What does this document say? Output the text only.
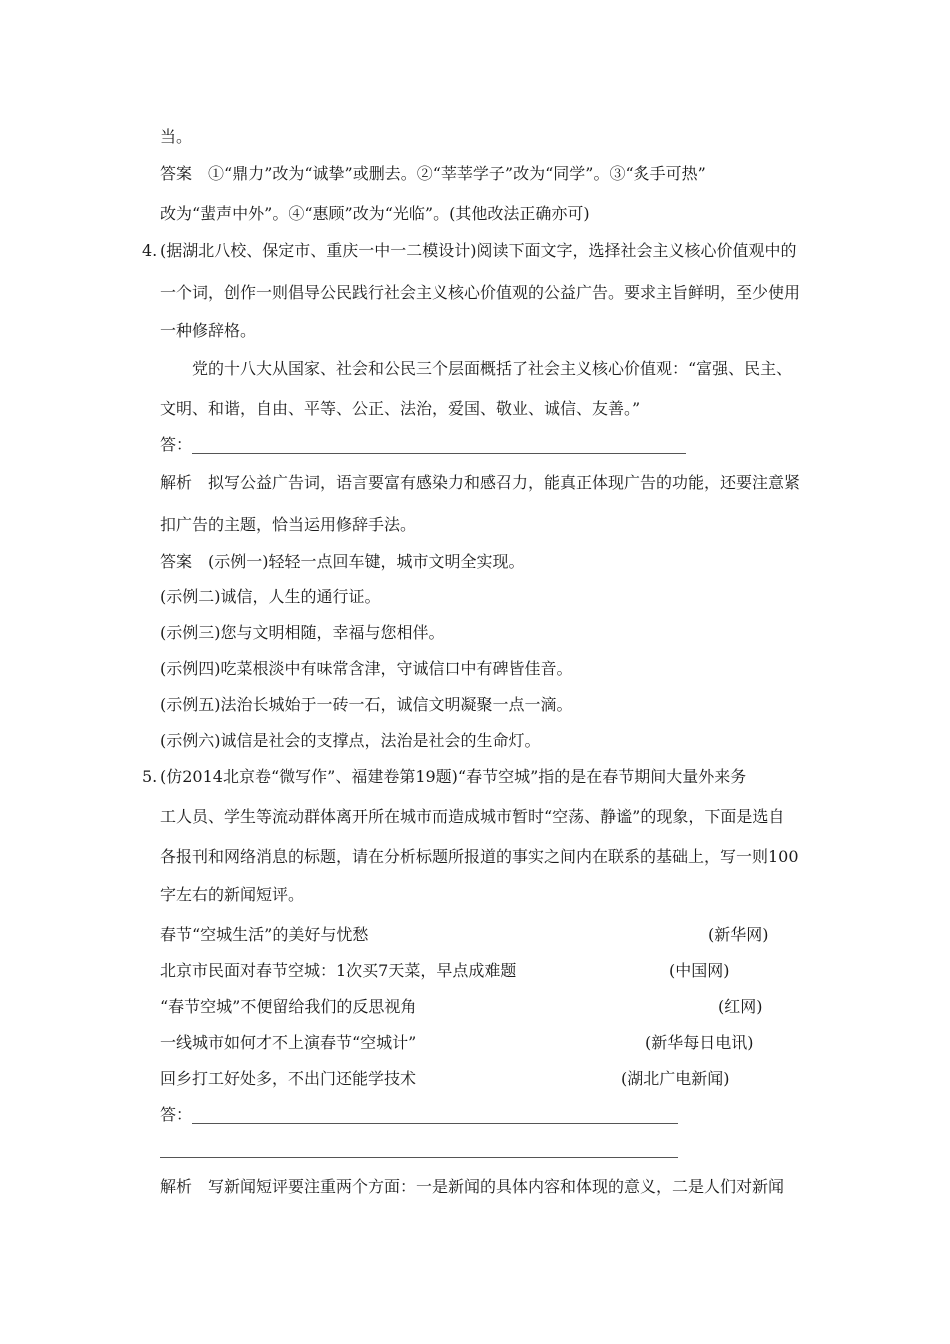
当。
答案 ①“鼎力”改为“诚挚”或删去。②“莘莘学子”改为“同学”。③“炙手可热”
改为“蜚声中外”。④“惠顾”改为“光临”。(其他改法正确亦可)
4. (据湖北八校、保定市、重庆一中一二模设计)阅读下面文字，选择社会主义核心价值观中的
一个词，创作一则倡导公民践行社会主义核心价值观的公益广告。要求主旨鲜明，至少使用
一种修辞格。
党的十八大从国家、社会和公民三个层面概括了社会主义核心价值观：“富强、民主、
文明、和谐，自由、平等、公正、法治，爱国、敬业、诚信、友善。”
答：
解析 拟写公益广告词，语言要富有感染力和感召力，能真正体现广告的功能，还要注意紧
扣广告的主题，恰当运用修辞手法。
答案 (示例一)轻轻一点回车键，城市文明全实现。
(示例二)诚信，人生的通行证。
(示例三)您与文明相随，幸福与您相伴。
(示例四)吃菜根淡中有味常含津，守诚信口中有碑皆佳音。
(示例五)法治长城始于一砖一石，诚信文明凝聚一点一滴。
(示例六)诚信是社会的支撑点，法治是社会的生命灯。
5. (仿2014北京卷“微写作”、福建卷第19题)“春节空城”指的是在春节期间大量外来务
工人员、学生等流动群体离开所在城市而造成城市暂时“空荡、静谧”的现象，下面是选自
各报刊和网络消息的标题，请在分析标题所报道的事实之间内在联系的基础上，写一则100
字左右的新闻短评。
春节“空城生活”的美好与忧愁	(新华网)
北京市民面对春节空城：1次买7天菜，早点成难题	(中国网)
“春节空城”不便留给我们的反思视角	(红网)
一线城市如何才不上演春节“空城计”	(新华每日电讯)
回乡打工好处多，不出门还能学技术	(湖北广电新闻)
答：
解析 写新闻短评要注重两个方面：一是新闻的具体内容和体现的意义，二是人们对新闻
